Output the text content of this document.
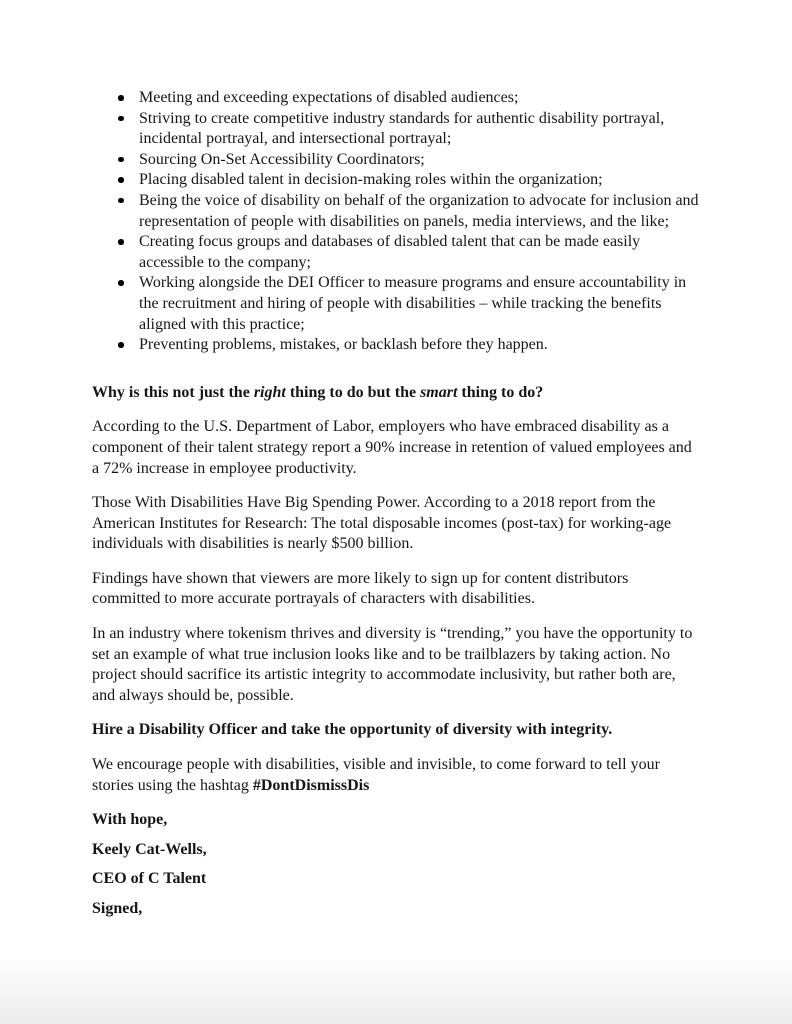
Meeting and exceeding expectations of disabled audiences;
Striving to create competitive industry standards for authentic disability portrayal, incidental portrayal, and intersectional portrayal;
Sourcing On-Set Accessibility Coordinators;
Placing disabled talent in decision-making roles within the organization;
Being the voice of disability on behalf of the organization to advocate for inclusion and representation of people with disabilities on panels, media interviews, and the like;
Creating focus groups and databases of disabled talent that can be made easily accessible to the company;
Working alongside the DEI Officer to measure programs and ensure accountability in the recruitment and hiring of people with disabilities – while tracking the benefits aligned with this practice;
Preventing problems, mistakes, or backlash before they happen.

Why is this not just the right thing to do but the smart thing to do?

According to the U.S. Department of Labor, employers who have embraced disability as a component of their talent strategy report a 90% increase in retention of valued employees and a 72% increase in employee productivity.

Those With Disabilities Have Big Spending Power. According to a 2018 report from the American Institutes for Research: The total disposable incomes (post-tax) for working-age individuals with disabilities is nearly $500 billion.

Findings have shown that viewers are more likely to sign up for content distributors committed to more accurate portrayals of characters with disabilities.

In an industry where tokenism thrives and diversity is “trending,” you have the opportunity to set an example of what true inclusion looks like and to be trailblazers by taking action. No project should sacrifice its artistic integrity to accommodate inclusivity, but rather both are, and always should be, possible.

Hire a Disability Officer and take the opportunity of diversity with integrity.

We encourage people with disabilities, visible and invisible, to come forward to tell your stories using the hashtag #DontDismissDis

With hope,

Keely Cat-Wells,

CEO of C Talent

Signed,
